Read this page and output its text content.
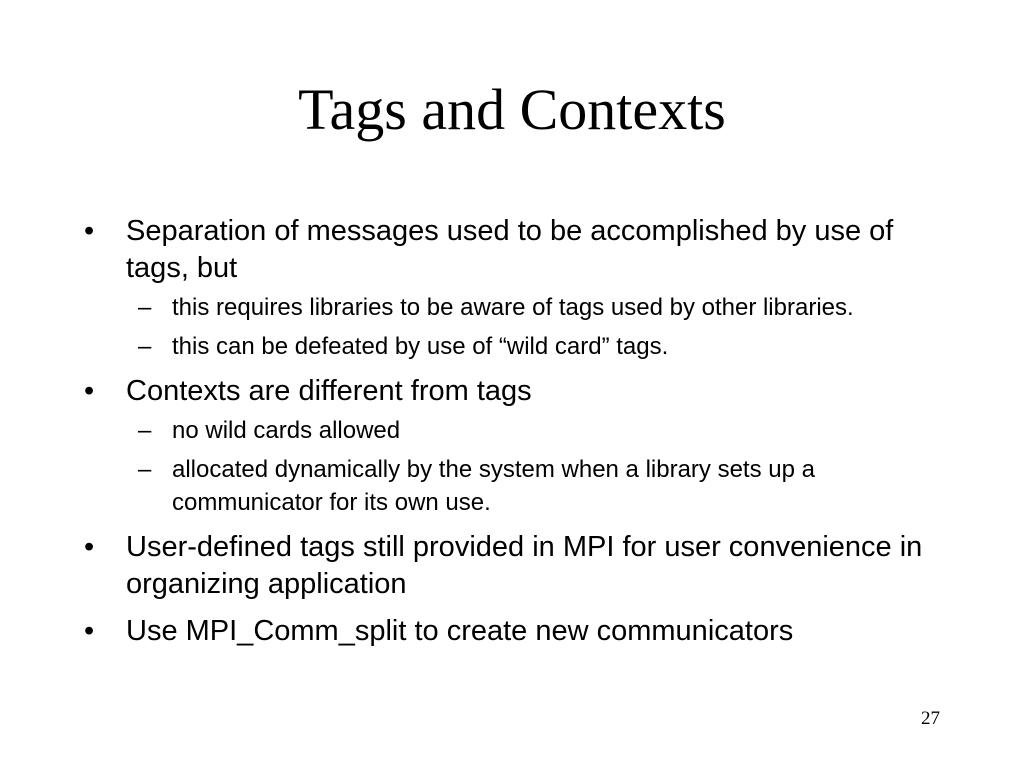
Tags and Contexts
•	Separation of messages used to be accomplished by use of tags, but
– this requires libraries to be aware of tags used by other libraries.
– this can be defeated by use of “wild card” tags.
•	Contexts are different from tags
– no wild cards allowed
– allocated dynamically by the system when a library sets up a communicator for its own use.
•	User-defined tags still provided in MPI for user convenience in organizing application
•	Use MPI_Comm_split to create new communicators
27
